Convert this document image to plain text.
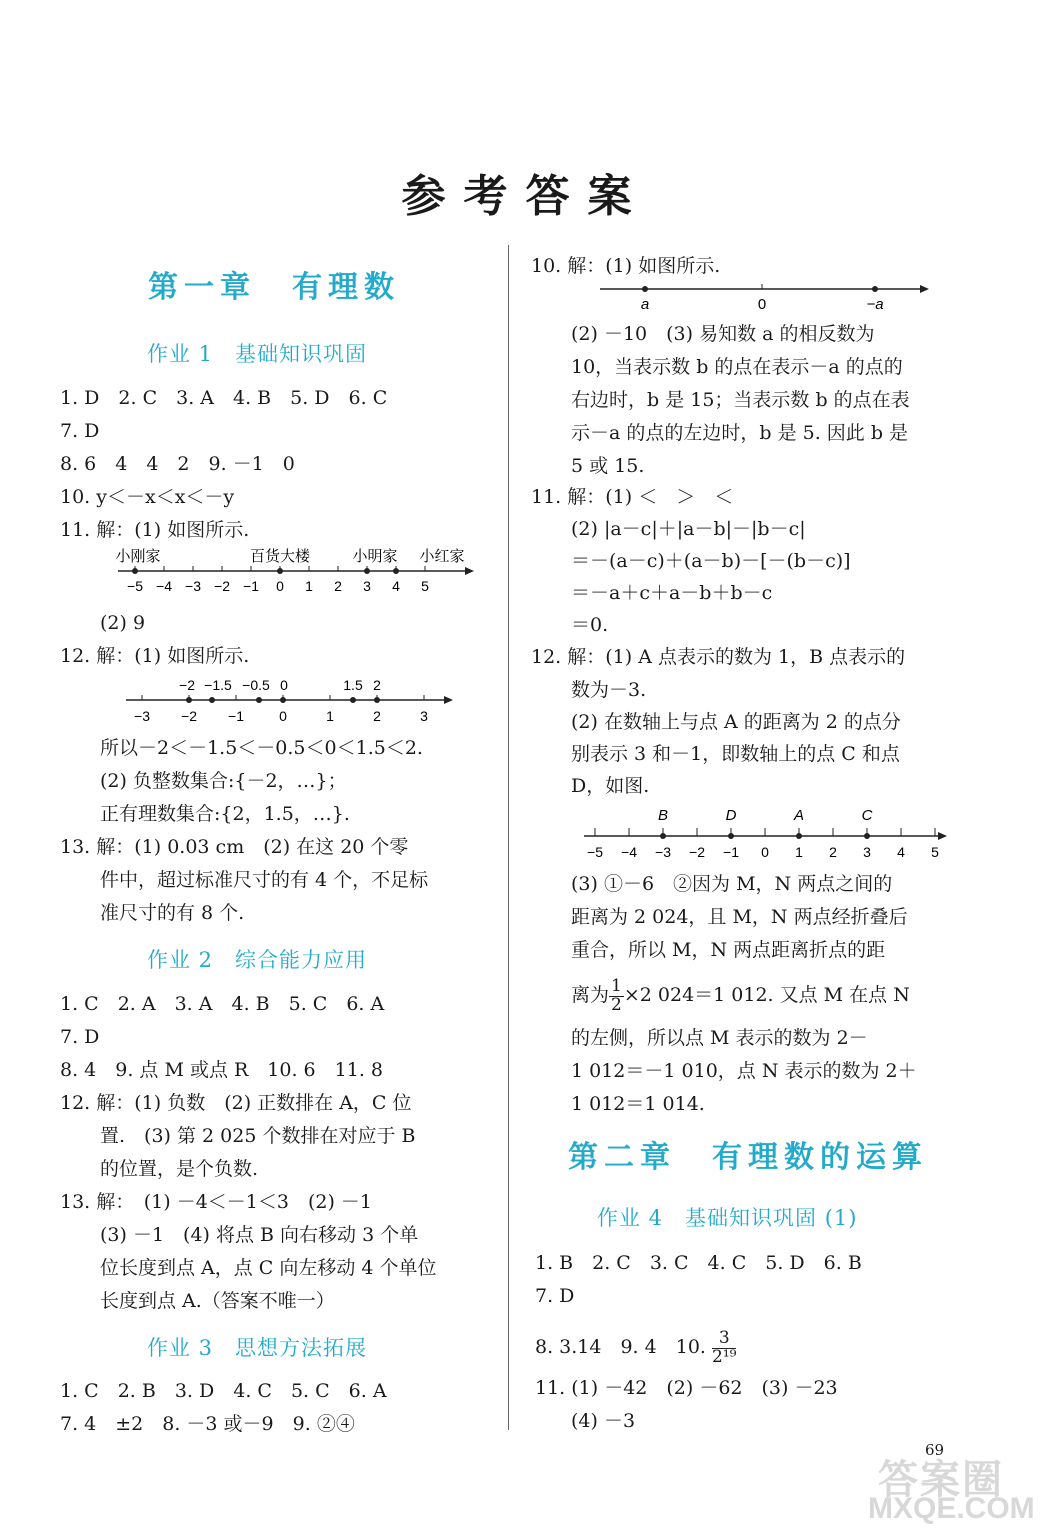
参考答案
第一章　有理数
作业 1　基础知识巩固
1. D　2. C　3. A　4. B　5. D　6. C
7. D
8. 6　4　4　2　9. －1　0
10. y＜－x＜x＜－y
11. 解：(1) 如图所示.
小刚家	百货大楼	小明家 小红家
−5 −4 −3 −2 −1 0 1 2 3 4 5
(2) 9
12. 解：(1) 如图所示.
−2 −1.5 −0.5 0	1.5 2
−3 −2 −1	0	1	2	3
所以－2＜－1.5＜－0.5＜0＜1.5＜2.
(2) 负整数集合:{－2，…}；
正有理数集合:{2，1.5，…}.
13. 解：(1) 0.03 cm　(2) 在这 20 个零
件中，超过标准尺寸的有 4 个，不足标
准尺寸的有 8 个.
作业 2　综合能力应用
1. C　2. A　3. A　4. B　5. C　6. A
7. D
8. 4　9. 点 M 或点 R　10. 6　11. 8
12. 解：(1) 负数　(2) 正数排在 A，C 位
置.　(3) 第 2 025 个数排在对应于 B
的位置，是个负数.
13. 解：　(1) －4＜－1＜3　(2) －1
(3) －1　(4) 将点 B 向右移动 3 个单
位长度到点 A，点 C 向左移动 4 个单位
长度到点 A.（答案不唯一）
作业 3　思想方法拓展
1. C　2. B　3. D　4. C　5. C　6. A
7. 4　±2　8. －3 或－9　9. ②④
10. 解：(1) 如图所示.
a	0	−a
(2) －10　(3) 易知数 a 的相反数为
10，当表示数 b 的点在表示－a 的点的
右边时，b 是 15；当表示数 b 的点在表
示－a 的点的左边时，b 是 5. 因此 b 是
5 或 15.
11. 解：(1) ＜　＞　＜
(2) |a－c|＋|a－b|－|b－c|
＝－(a－c)＋(a－b)－[－(b－c)]
＝－a＋c＋a－b＋b－c
＝0.
12. 解：(1) A 点表示的数为 1，B 点表示的
数为－3.
(2) 在数轴上与点 A 的距离为 2 的点分
别表示 3 和－1，即数轴上的点 C 和点
D，如图.
B	D	A	C
−5 −4 −3 −2 −1 0 1 2 3 4 5
(3) ①－6　②因为 M，N 两点之间的
距离为 2 024，且 M，N 两点经折叠后
重合，所以 M，N 两点距离折点的距
离为 $\frac{1}{2} \times 2$ 024＝1 012. 又点 M 在点 N
的左侧，所以点 M 表示的数为 2－
1 012＝－1 010，点 N 表示的数为 2＋
1 012＝1 014.
第二章　有理数的运算
作业 4　基础知识巩固 (1)
1. B　2. C　3. C　4. C　5. D　6. B
7. D
8. 3.14　9. 4　10. $\frac{3}{\text{2¹⁹}}$
11. (1) －42　(2) －62　(3) －23
(4) －3
69
答案圈
MXQE.COM
